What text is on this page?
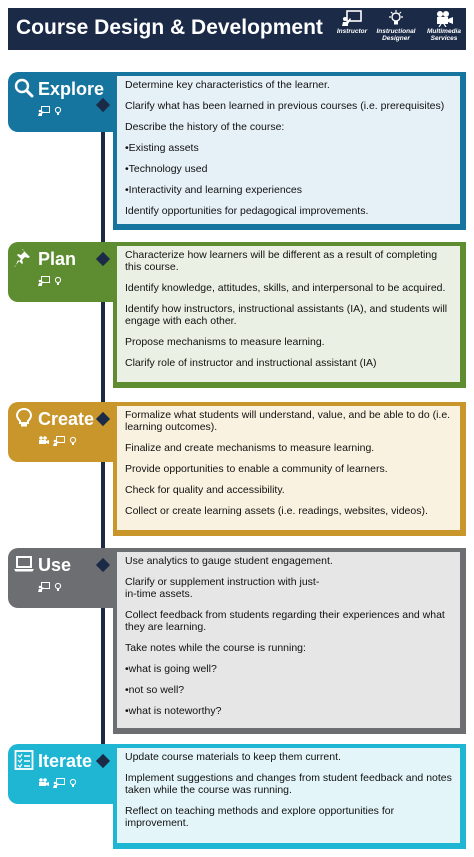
Course Design & Development	Instructor	Instructional Designer
Multimedia Services
Explore Determine key characteristics of the learner.

Clarify what has been learned in previous courses (i.e. prerequisites)

Describe the history of the course:

•Existing assets

•Technology used

•Interactivity and learning experiences

Identify opportunities for pedagogical improvements.

Plan	Characterize how learners will be different as a result of completing this course.

Identify knowledge, attitudes, skills, and interpersonal to be acquired.

Identify how instructors, instructional assistants (IA), and students will engage with each other.

Propose mechanisms to measure learning.

Clarify role of instructor and instructional assistant (IA)

Create	Formalize what students will understand, value, and be able to do (i.e. learning outcomes).

Finalize and create mechanisms to measure learning.

Provide opportunities to enable a community of learners.

Check for quality and accessibility.

Collect or create learning assets (i.e. readings, websites, videos).

Use	Use analytics to gauge student engagement.

Clarify or supplement instruction with just-in-time assets.

Collect feedback from students regarding their experiences and what they are learning.

Take notes while the course is running:

•what is going well?

•not so well?

•what is noteworthy?

Iterate	Update course materials to keep them current.

Implement suggestions and changes from student feedback and notes taken while the course was running.

Reflect on teaching methods and explore opportunities for improvement.
